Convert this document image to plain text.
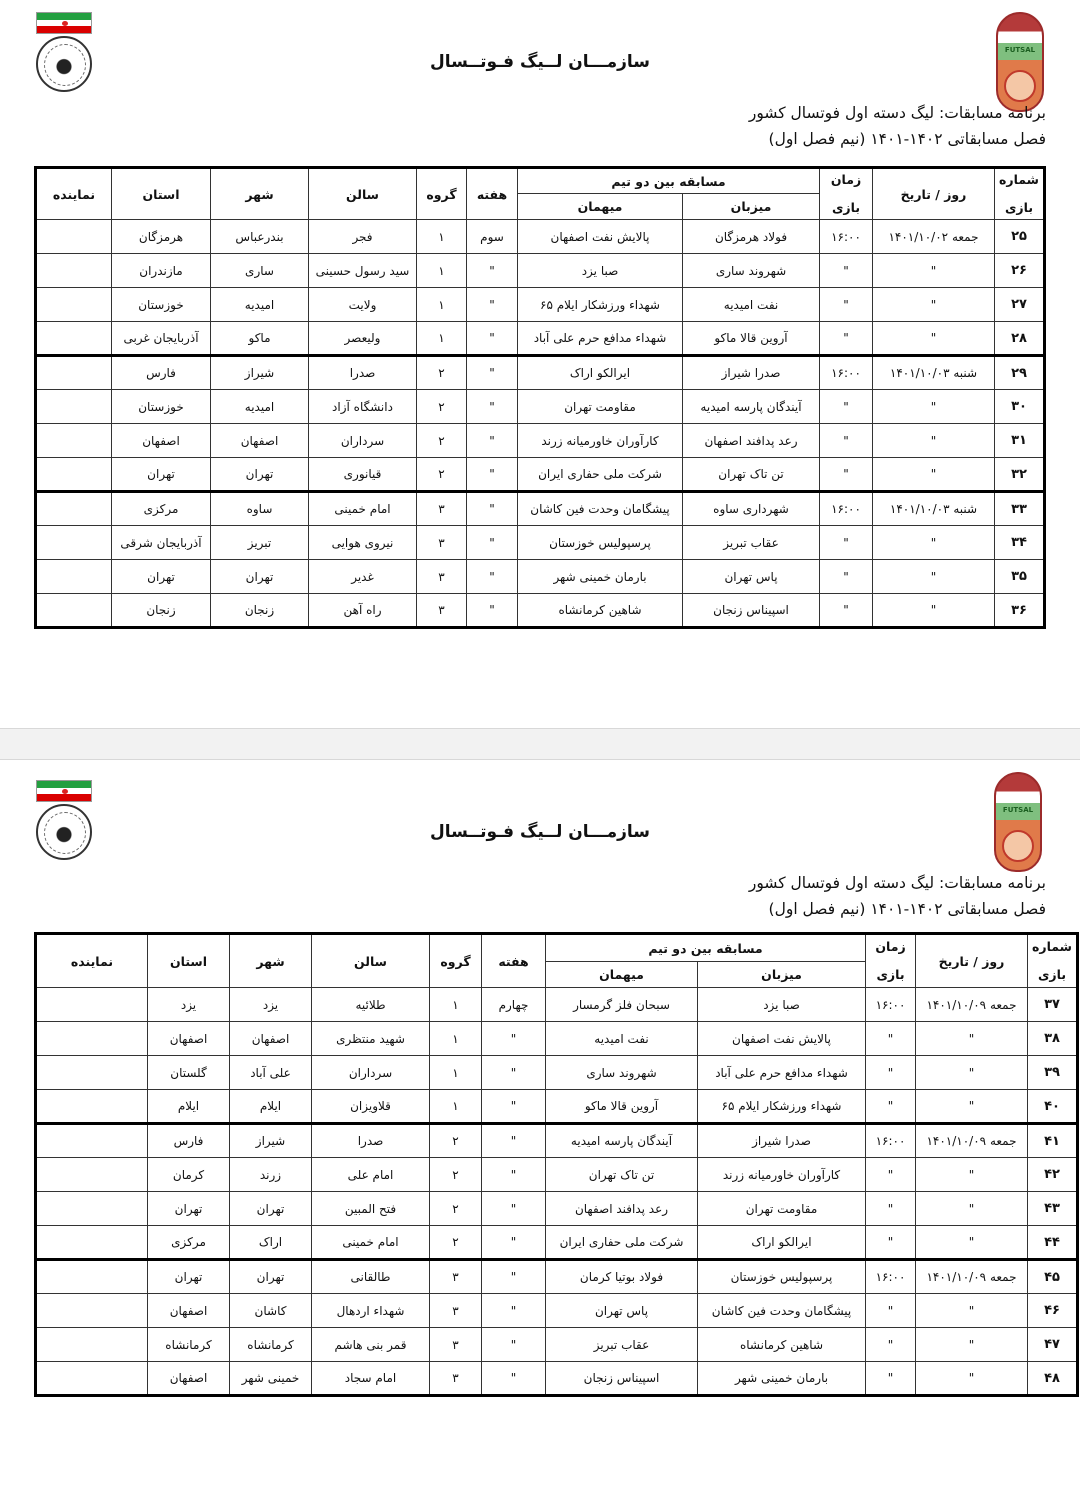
FUTSAL
سازمـــان لــیگ فـوتــسال
برنامه مسابقات: لیگ دسته اول فوتسال کشور
فصل مسابقاتی ۱۴۰۲-۱۴۰۱ (نیم فصل اول)
شماره

بازی	روز / تاریخ	زمان

بازی	مسابقه بین دو تیم		هفته	گروه	سالن	شهر	استان	نماینده
			میزبان	میهمان						
۲۵	جمعه ۱۴۰۱/۱۰/۰۲	۱۶:۰۰	فولاد هرمزگان	پالایش نفت اصفهان	سوم	۱	فجر	بندرعباس	هرمزگان	
۲۶	"	"	شهروند ساری	صبا یزد	"	۱	سید رسول حسینی	ساری	مازندران	
۲۷	"	"	نفت امیدیه	شهداء ورزشکار ایلام ۶۵	"	۱	ولایت	امیدیه	خوزستان	
۲۸	"	"	آروین قالا ماکو	شهداء مدافع حرم علی آباد	"	۱	ولیعصر	ماکو	آذربایجان غربی	
۲۹	شنبه ۱۴۰۱/۱۰/۰۳	۱۶:۰۰	صدرا شیراز	ایرالکو اراک	"	۲	صدرا	شیراز	فارس	
۳۰	"	"	آیندگان پارسه امیدیه	مقاومت تهران	"	۲	دانشگاه آزاد	امیدیه	خوزستان	
۳۱	"	"	رعد پدافند اصفهان	کارآوران خاورمیانه زرند	"	۲	سرداران	اصفهان	اصفهان	
۳۲	"	"	تن تاک تهران	شرکت ملی حفاری ایران	"	۲	قیانوری	تهران	تهران	
۳۳	شنبه ۱۴۰۱/۱۰/۰۳	۱۶:۰۰	شهرداری ساوه	پیشگامان وحدت فین کاشان	"	۳	امام خمینی	ساوه	مرکزی	
۳۴	"	"	عقاب تبریز	پرسپولیس خوزستان	"	۳	نیروی هوایی	تبریز	آذربایجان شرقی	
۳۵	"	"	پاس تهران	بارمان خمینی شهر	"	۳	غدیر	تهران	تهران	
۳۶	"	"	اسپیناس زنجان	شاهین کرمانشاه	"	۳	راه آهن	زنجان	زنجان	
FUTSAL
سازمـــان لــیگ فـوتــسال
برنامه مسابقات: لیگ دسته اول فوتسال کشور
فصل مسابقاتی ۱۴۰۲-۱۴۰۱ (نیم فصل اول)
شماره

بازی	روز / تاریخ	زمان

بازی	مسابقه بین دو تیم		هفته	گروه	سالن	شهر	استان	نماینده
			میزبان	میهمان						
۳۷	جمعه ۱۴۰۱/۱۰/۰۹	۱۶:۰۰	صبا یزد	سبحان فلز گرمسار	چهارم	۱	طلائیه	یزد	یزد	
۳۸	"	"	پالایش نفت اصفهان	نفت امیدیه	"	۱	شهید منتظری	اصفهان	اصفهان	
۳۹	"	"	شهداء مدافع حرم علی آباد	شهروند ساری	"	۱	سرداران	علی آباد	گلستان	
۴۰	"	"	شهداء ورزشکار ایلام ۶۵	آروین قالا ماکو	"	۱	قلاویزان	ایلام	ایلام	
۴۱	جمعه ۱۴۰۱/۱۰/۰۹	۱۶:۰۰	صدرا شیراز	آیندگان پارسه امیدیه	"	۲	صدرا	شیراز	فارس	
۴۲	"	"	کارآوران خاورمیانه زرند	تن تاک تهران	"	۲	امام علی	زرند	کرمان	
۴۳	"	"	مقاومت تهران	رعد پدافند اصفهان	"	۲	فتح المبین	تهران	تهران	
۴۴	"	"	ایرالکو اراک	شرکت ملی حفاری ایران	"	۲	امام خمینی	اراک	مرکزی	
۴۵	جمعه ۱۴۰۱/۱۰/۰۹	۱۶:۰۰	پرسپولیس خوزستان	فولاد بوتیا کرمان	"	۳	طالقانی	تهران	تهران	
۴۶	"	"	پیشگامان وحدت فین کاشان	پاس تهران	"	۳	شهداء اردهال	کاشان	اصفهان	
۴۷	"	"	شاهین کرمانشاه	عقاب تبریز	"	۳	قمر بنی هاشم	کرمانشاه	کرمانشاه	
۴۸	"	"	بارمان خمینی شهر	اسپیناس زنجان	"	۳	امام سجاد	خمینی شهر	اصفهان	
